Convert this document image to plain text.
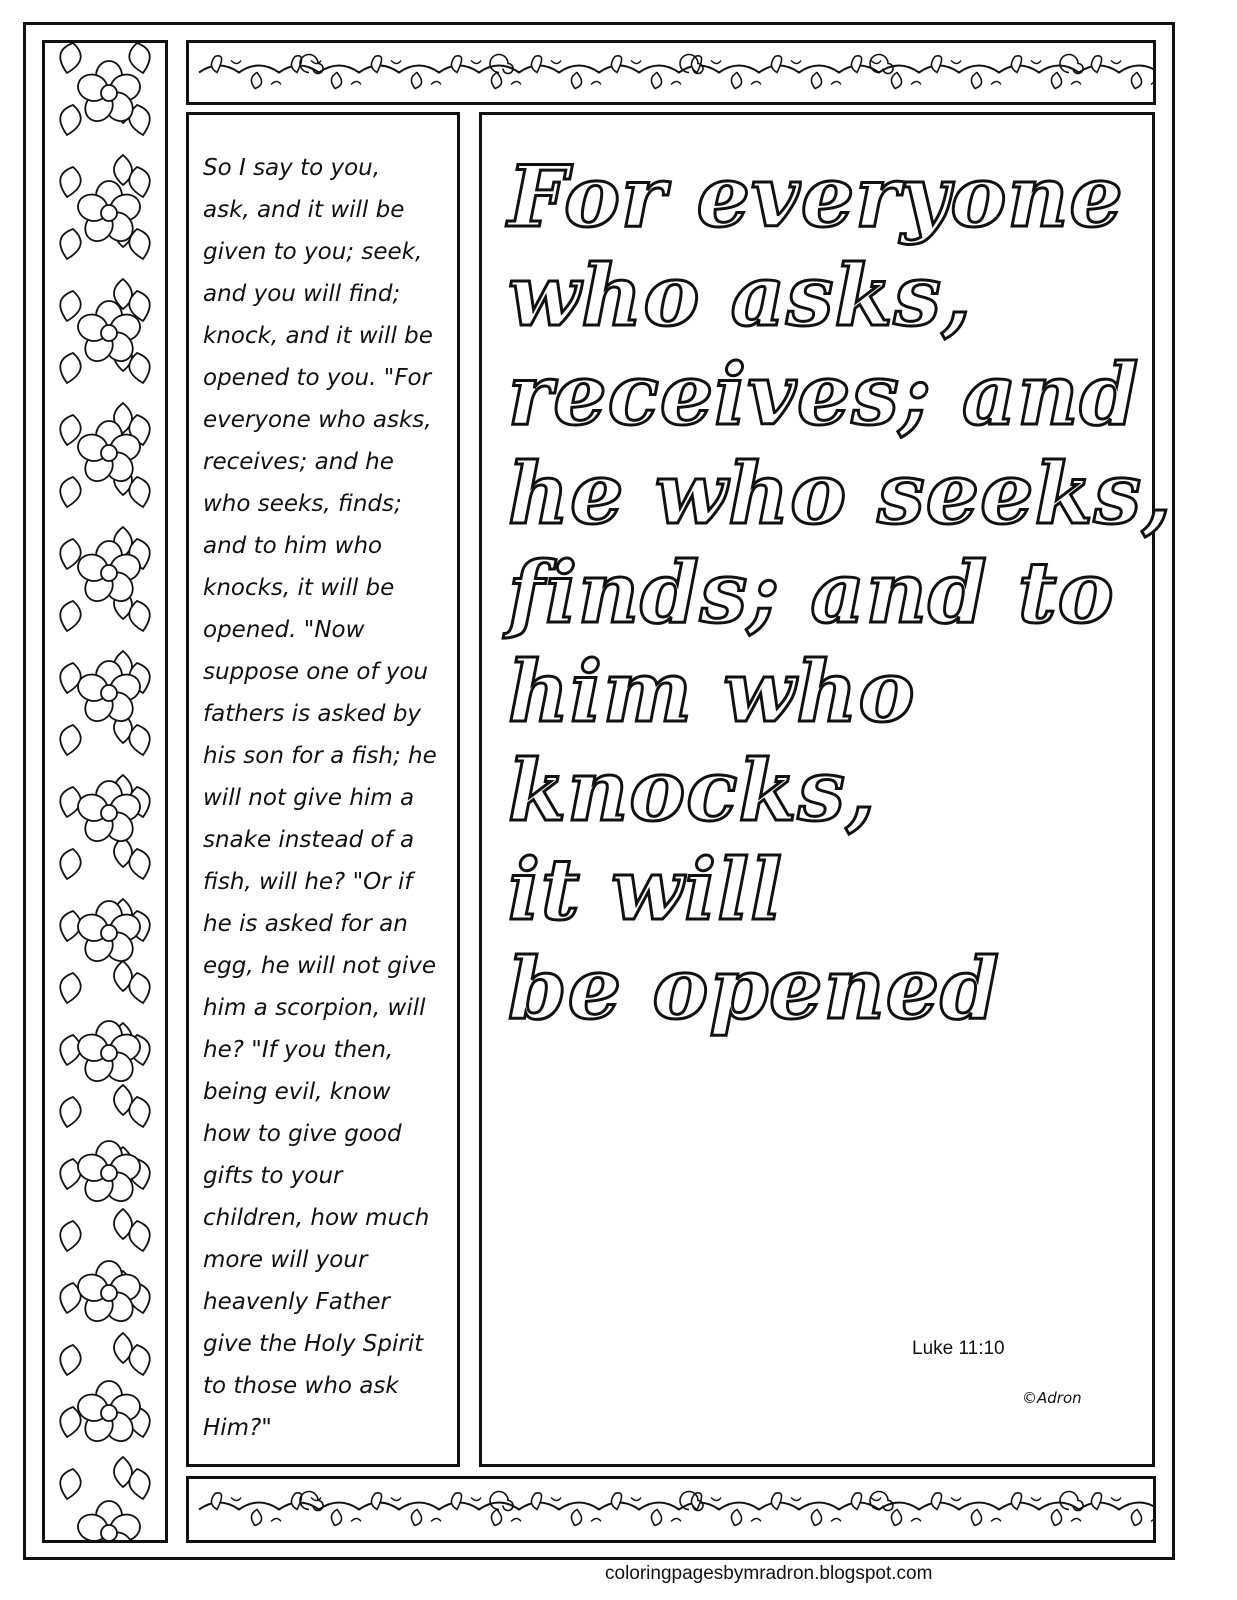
So I say to you,
ask, and it will be
given to you; seek,
and you will find;
knock, and it will be
opened to you. "For
everyone who asks,
receives; and he
who seeks, finds;
and to him who
knocks, it will be
opened. "Now
suppose one of you
fathers is asked by
his son for a fish; he
will not give him a
snake instead of a
fish, will he? "Or if
he is asked for an
egg, he will not give
him a scorpion, will
he? "If you then,
being evil, know
how to give good
gifts to your
children, how much
more will your
heavenly Father
give the Holy Spirit
to those who ask
Him?"
For everyone
who asks,
receives; and
he who seeks,
finds; and to
him who
knocks,
it will
be opened
Luke 11:10
©Adron
coloringpagesbymradron.blogspot.com
